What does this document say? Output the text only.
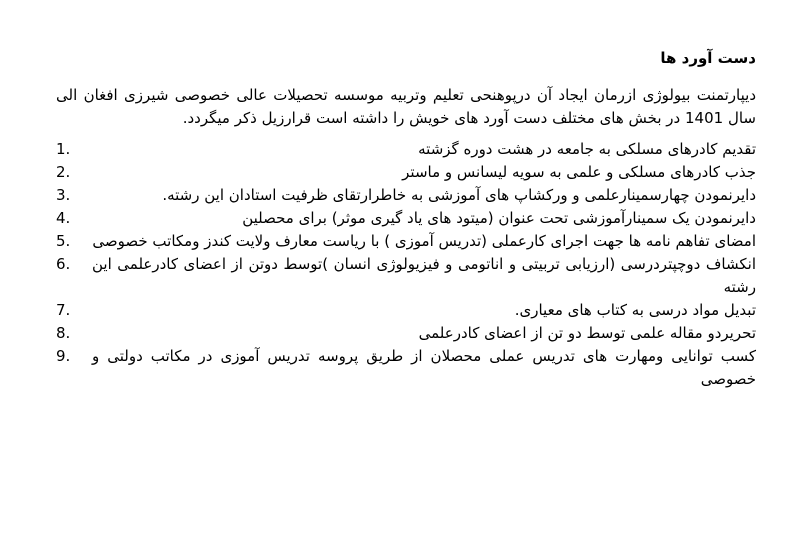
دست آورد ها

دیپارتمنت بیولوژی ازرمان ایجاد آن درپوهنحی تعلیم وتربیه موسسه تحصیلات عالی خصوصی شیرزی افغان الی سال 1401 در بخش های مختلف دست آورد های خویش را داشته است قرارزیل ذکر میگردد.

تقدیم کادرهای مسلکی به جامعه در هشت دوره گزشته
1.
جذب کادرهای مسلکی و علمی به سویه لیسانس و ماستر
2.
دایرنمودن چهارسمینارعلمی و ورکشاپ های آموزشی به خاطرارتقای ظرفیت استادان این رشته.
3.
دایرنمودن یک سمینارآموزشی تحت عنوان (میتود های یاد گیری موثر) برای محصلین
4.
امضای تفاهم نامه ها جهت اجرای کارعملی (تدریس آموزی ) با ریاست معارف ولایت کندز ومکاتب خصوصی
5.
انکشاف دوچپتردرسی (ارزیابی تربیتی و اناتومی و فیزیولوژی انسان )توسط دوتن از اعضای کادرعلمی این رشته
6.
تبدیل مواد درسی به کتاب های معیاری.
7.
تحریردو مقاله علمی توسط دو تن از اعضای کادرعلمی
8.
کسب توانایی ومهارت های تدریس عملی محصلان از طریق پروسه تدریس آموزی در مکاتب دولتی و خصوصی
9.
